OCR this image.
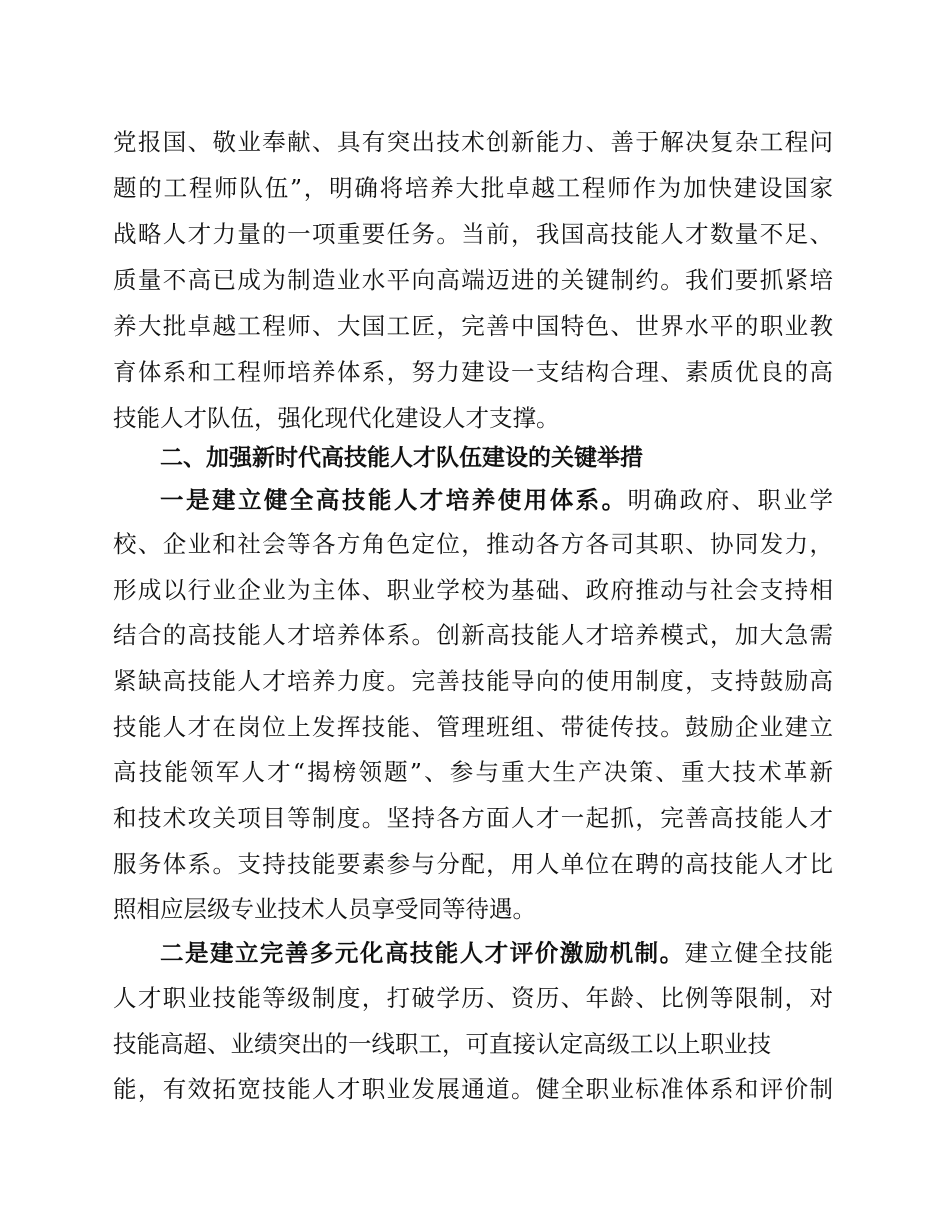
党报国、敬业奉献、具有突出技术创新能力、善于解决复杂工程问
题的工程师队伍”，明确将培养大批卓越工程师作为加快建设国家
战略人才力量的一项重要任务。当前，我国高技能人才数量不足、
质量不高已成为制造业水平向高端迈进的关键制约。我们要抓紧培
养大批卓越工程师、大国工匠，完善中国特色、世界水平的职业教
育体系和工程师培养体系，努力建设一支结构合理、素质优良的高
技能人才队伍，强化现代化建设人才支撑。
二、加强新时代高技能人才队伍建设的关键举措
一是建立健全高技能人才培养使用体系。明确政府、职业学
校、企业和社会等各方角色定位，推动各方各司其职、协同发力，
形成以行业企业为主体、职业学校为基础、政府推动与社会支持相
结合的高技能人才培养体系。创新高技能人才培养模式，加大急需
紧缺高技能人才培养力度。完善技能导向的使用制度，支持鼓励高
技能人才在岗位上发挥技能、管理班组、带徒传技。鼓励企业建立
高技能领军人才“揭榜领题”、参与重大生产决策、重大技术革新
和技术攻关项目等制度。坚持各方面人才一起抓，完善高技能人才
服务体系。支持技能要素参与分配，用人单位在聘的高技能人才比
照相应层级专业技术人员享受同等待遇。
二是建立完善多元化高技能人才评价激励机制。建立健全技能
人才职业技能等级制度，打破学历、资历、年龄、比例等限制，对
技能高超、业绩突出的一线职工，可直接认定高级工以上职业技
能，有效拓宽技能人才职业发展通道。健全职业标准体系和评价制
